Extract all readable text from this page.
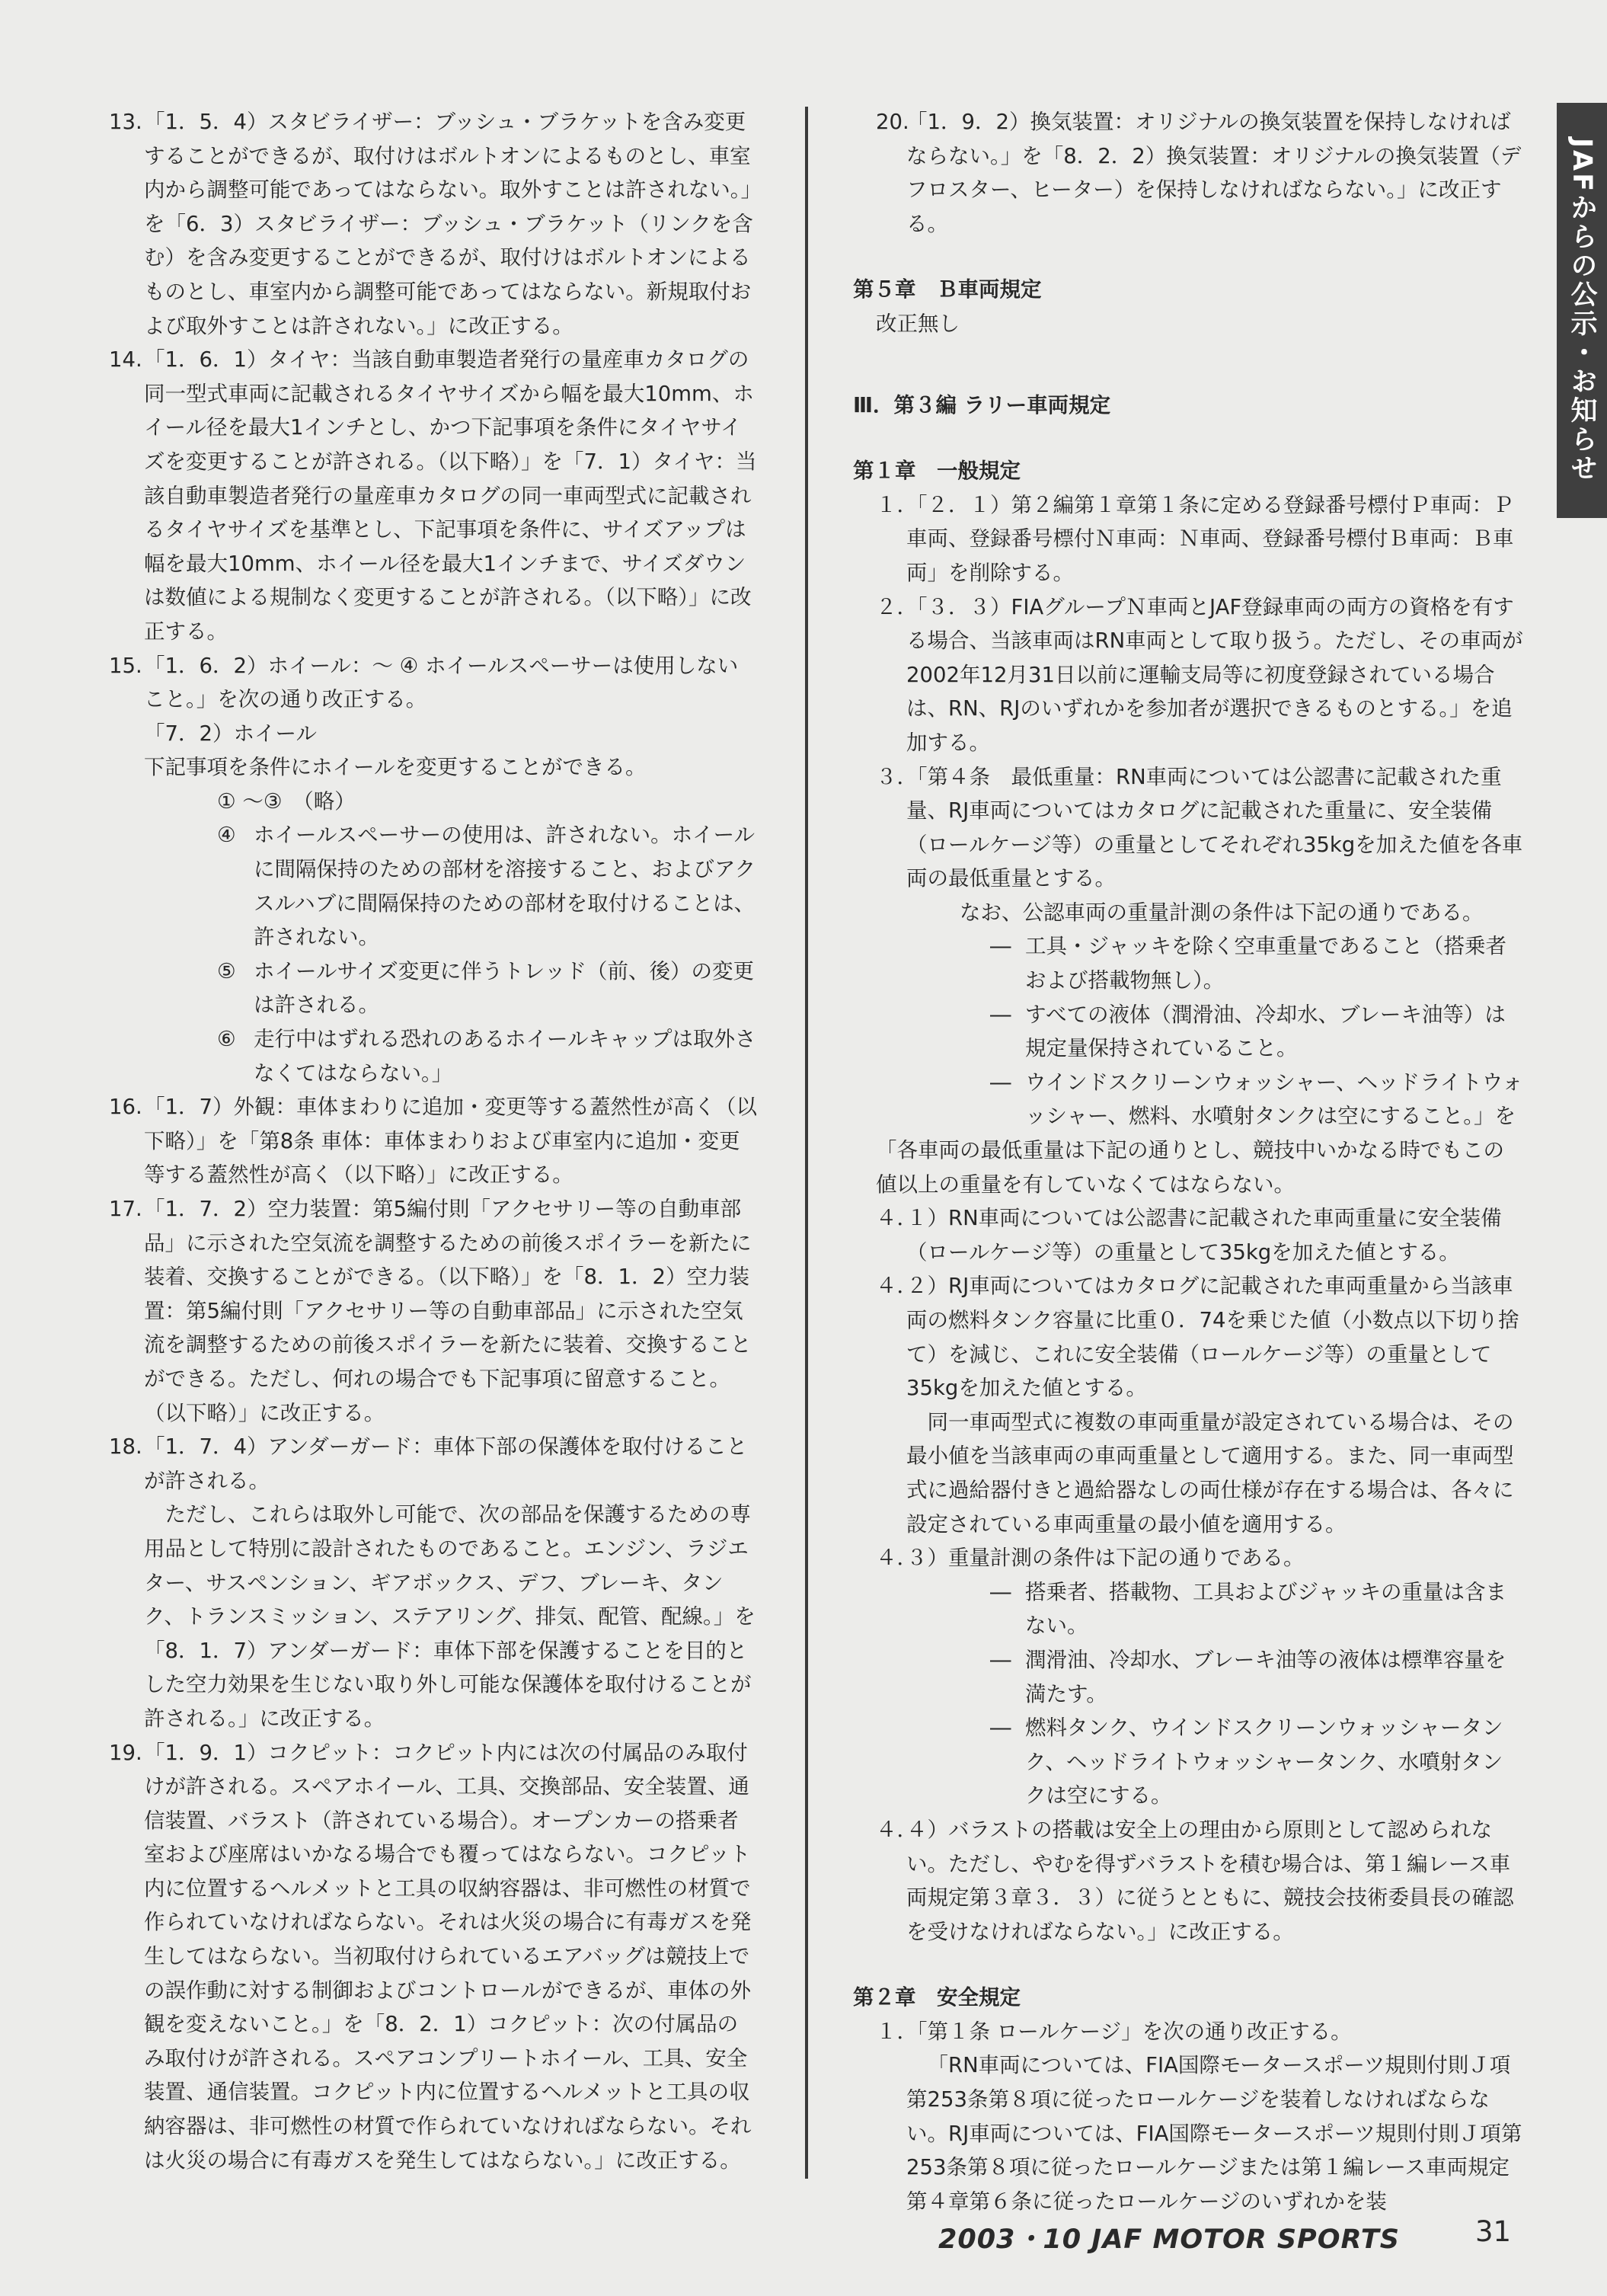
JAFからの公示・お知らせ

13. 「1．5．4）スタビライザー：ブッシュ・ブラケットを含み変更することができるが、取付けはボルトオンによるものとし、車室内から調整可能であってはならない。取外すことは許されない。」を「6．3）スタビライザー：ブッシュ・ブラケット（リンクを含む）を含み変更することができるが、取付けはボルトオンによるものとし、車室内から調整可能であってはならない。新規取付および取外すことは許されない。」に改正する。

14. 「1．6．1）タイヤ：当該自動車製造者発行の量産車カタログの同一型式車両に記載されるタイヤサイズから幅を最大10mm、ホイール径を最大1インチとし、かつ下記事項を条件にタイヤサイズを変更することが許される。（以下略）」を「7．1）タイヤ：当該自動車製造者発行の量産車カタログの同一車両型式に記載されるタイヤサイズを基準とし、下記事項を条件に、サイズアップは幅を最大10mm、ホイール径を最大1インチまで、サイズダウンは数値による規制なく変更することが許される。（以下略）」に改正する。

15. 「1．6．2）ホイール：～ ④ ホイールスペーサーは使用しないこと。」を次の通り改正する。

「7．2）ホイール

下記事項を条件にホイールを変更することができる。

① ～③　（略）

④ ホイールスペーサーの使用は、許されない。ホイールに間隔保持のための部材を溶接すること、およびアクスルハブに間隔保持のための部材を取付けることは、許されない。

⑤ ホイールサイズ変更に伴うトレッド（前、後）の変更は許される。

⑥ 走行中はずれる恐れのあるホイールキャップは取外さなくてはならない。」

16. 「1．7）外観：車体まわりに追加・変更等する蓋然性が高く（以下略）」を「第8条 車体：車体まわりおよび車室内に追加・変更等する蓋然性が高く（以下略）」に改正する。

17. 「1．7．2）空力装置：第5編付則「アクセサリー等の自動車部品」に示された空気流を調整するための前後スポイラーを新たに装着、交換することができる。（以下略）」を「8．1．2）空力装置：第5編付則「アクセサリー等の自動車部品」に示された空気流を調整するための前後スポイラーを新たに装着、交換することができる。ただし、何れの場合でも下記事項に留意すること。（以下略）」に改正する。

18. 「1．7．4）アンダーガード：車体下部の保護体を取付けることが許される。

ただし、これらは取外し可能で、次の部品を保護するための専用品として特別に設計されたものであること。エンジン、ラジエター、サスペンション、ギアボックス、デフ、ブレーキ、タンク、トランスミッション、ステアリング、排気、配管、配線。」を「8．1．7）アンダーガード：車体下部を保護することを目的とした空力効果を生じない取り外し可能な保護体を取付けることが許される。」に改正する。

19. 「1．9．1）コクピット：コクピット内には次の付属品のみ取付けが許される。スペアホイール、工具、交換部品、安全装置、通信装置、バラスト（許されている場合）。オープンカーの搭乗者室および座席はいかなる場合でも覆ってはならない。コクピット内に位置するヘルメットと工具の収納容器は、非可燃性の材質で作られていなければならない。それは火災の場合に有毒ガスを発生してはならない。当初取付けられているエアバッグは競技上での誤作動に対する制御およびコントロールができるが、車体の外観を変えないこと。」を「8．2．1）コクピット：次の付属品のみ取付けが許される。スペアコンプリートホイール、工具、安全装置、通信装置。コクピット内に位置するヘルメットと工具の収納容器は、非可燃性の材質で作られていなければならない。それは火災の場合に有毒ガスを発生してはならない。」に改正する。

20.
「1．9．2）換気装置：オリジナルの換気装置を保持しなければならない。」を「8．2．2）換気装置：オリジナルの換気装置（デフロスター、ヒーター）を保持しなければならない。」に改正する。

第５章　Ｂ車両規定

改正無し

Ⅲ．第３編 ラリー車両規定

第１章　一般規定

１．
「２．１）第２編第１章第１条に定める登録番号標付Ｐ車両：Ｐ車両、登録番号標付Ｎ車両：Ｎ車両、登録番号標付Ｂ車両：Ｂ車両」を削除する。

２．
「３．３）FIAグループＮ車両とJAF登録車両の両方の資格を有する場合、当該車両はRN車両として取り扱う。ただし、その車両が2002年12月31日以前に運輸支局等に初度登録されている場合は、RN、RJのいずれかを参加者が選択できるものとする。」を追加する。

３．
「第４条　最低重量：RN車両については公認書に記載された重量、RJ車両についてはカタログに記載された重量に、安全装備（ロールケージ等）の重量としてそれぞれ35kgを加えた値を各車両の最低重量とする。

なお、公認車両の重量計測の条件は下記の通りである。

― 工具・ジャッキを除く空車重量であること（搭乗者および搭載物無し）。

― すべての液体（潤滑油、冷却水、ブレーキ油等）は規定量保持されていること。

― ウインドスクリーンウォッシャー、ヘッドライトウォッシャー、燃料、水噴射タンクは空にすること。」を

「各車両の最低重量は下記の通りとし、競技中いかなる時でもこの値以上の重量を有していなくてはならない。

４．
１）RN車両については公認書に記載された車両重量に安全装備（ロールケージ等）の重量として35kgを加えた値とする。

４．
２）RJ車両についてはカタログに記載された車両重量から当該車両の燃料タンク容量に比重０．74を乗じた値（小数点以下切り捨て）を減じ、これに安全装備（ロールケージ等）の重量として35kgを加えた値とする。

同一車両型式に複数の車両重量が設定されている場合は、その最小値を当該車両の車両重量として適用する。また、同一車両型式に過給器付きと過給器なしの両仕様が存在する場合は、各々に設定されている車両重量の最小値を適用する。

４．
３）重量計測の条件は下記の通りである。

― 搭乗者、搭載物、工具およびジャッキの重量は含まない。

― 潤滑油、冷却水、ブレーキ油等の液体は標準容量を満たす。

― 燃料タンク、ウインドスクリーンウォッシャータンク、ヘッドライトウォッシャータンク、水噴射タンクは空にする。

４．
４）バラストの搭載は安全上の理由から原則として認められない。ただし、やむを得ずバラストを積む場合は、第１編レース車両規定第３章３．３）に従うとともに、競技会技術委員長の確認を受けなければならない。」に改正する。

第２章　安全規定

１．
「第１条 ロールケージ」を次の通り改正する。

「RN車両については、FIA国際モータースポーツ規則付則Ｊ項第253条第８項に従ったロールケージを装着しなければならない。RJ車両については、FIA国際モータースポーツ規則付則Ｊ項第253条第８項に従ったロールケージまたは第１編レース車両規定第４章第６条に従ったロールケージのいずれかを装

2003・10 JAF MOTOR SPORTS	31
